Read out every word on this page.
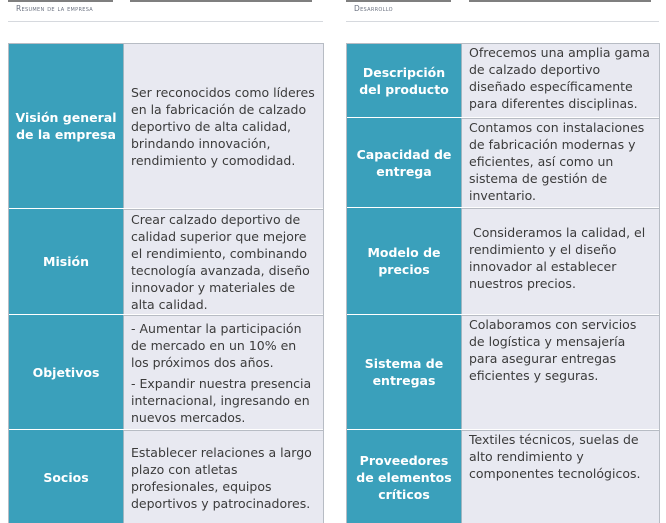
Resumen de la empresa	Desarrollo
Visión general de la empresa

Ser reconocidos como líderes en la fabricación de calzado deportivo de alta calidad, brindando innovación, rendimiento y comodidad.

Misión

Crear calzado deportivo de calidad superior que mejore el rendimiento, combinando tecnología avanzada, diseño innovador y materiales de alta calidad.

Objetivos

- Aumentar la participación de mercado en un 10% en los próximos dos años.

- Expandir nuestra presencia internacional, ingresando en nuevos mercados.

Socios

Establecer relaciones a largo plazo con atletas profesionales, equipos deportivos y patrocinadores.

Descripción del producto

Ofrecemos una amplia gama de calzado deportivo diseñado específicamente para diferentes disciplinas.

Capacidad de entrega

Contamos con instalaciones de fabricación modernas y eficientes, así como un sistema de gestión de inventario.

Modelo de precios

Consideramos la calidad, el rendimiento y el diseño innovador al establecer nuestros precios.

Sistema de entregas

Colaboramos con servicios de logística y mensajería para asegurar entregas eficientes y seguras.

Proveedores de elementos críticos

Textiles técnicos, suelas de alto rendimiento y componentes tecnológicos.
